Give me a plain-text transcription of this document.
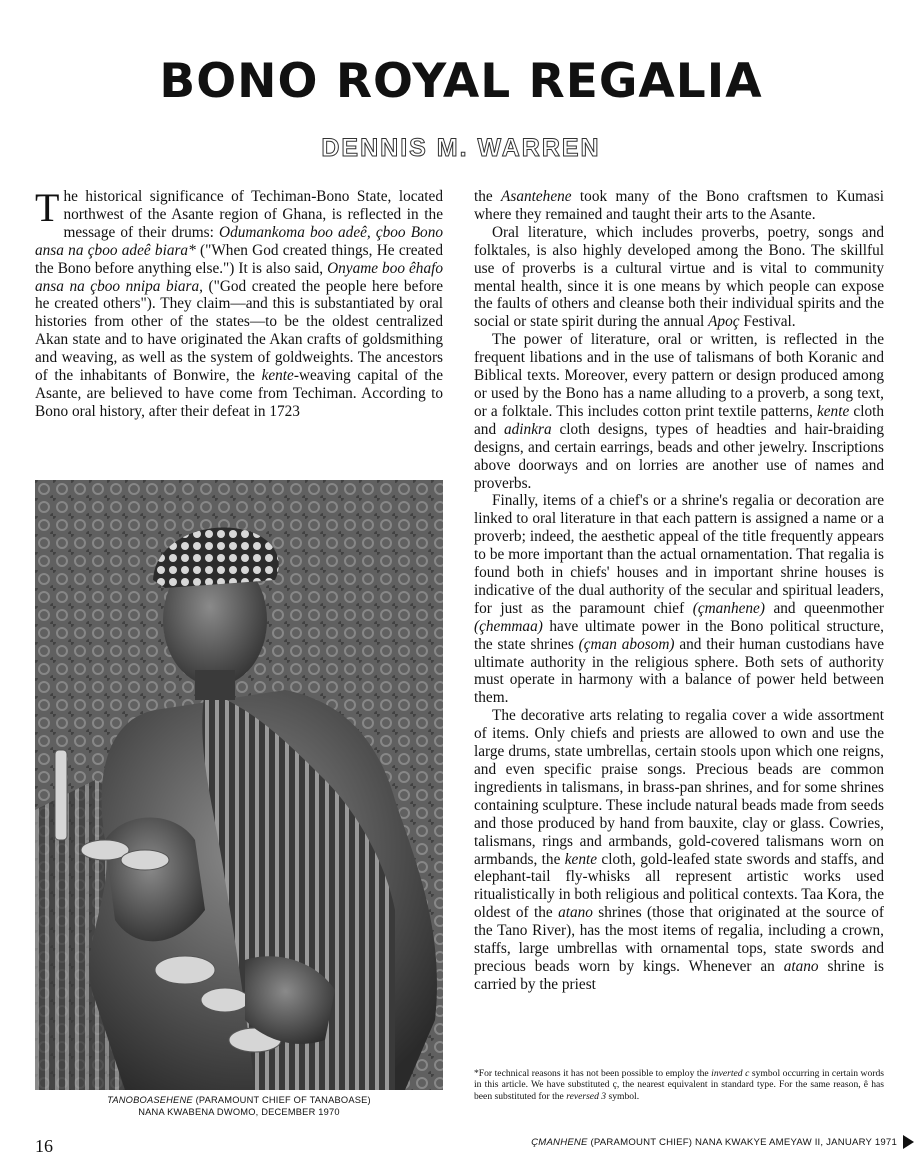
BONO ROYAL REGALIA
DENNIS M. WARREN

The historical significance of Techiman-Bono State, located northwest of the Asante region of Ghana, is reflected in the message of their drums: Odumankoma boo adeê, çboo Bono ansa na çboo adeê biara* ("When God created things, He created the Bono before anything else.") It is also said, Onyame boo êhafo ansa na çboo nnipa biara, ("God created the people here before he created others"). They claim—and this is substantiated by oral histories from other of the states—to be the oldest centralized Akan state and to have originated the Akan crafts of goldsmithing and weaving, as well as the system of goldweights. The ancestors of the inhabitants of Bonwire, the kente-weaving capital of the Asante, are believed to have come from Techiman. According to Bono oral history, after their defeat in 1723

TANOBOASEHENE (PARAMOUNT CHIEF OF TANABOASE)
NANA KWABENA DWOMO, DECEMBER 1970

the Asantehene took many of the Bono craftsmen to Kumasi where they remained and taught their arts to the Asante.

Oral literature, which includes proverbs, poetry, songs and folktales, is also highly developed among the Bono. The skillful use of proverbs is a cultural virtue and is vital to community mental health, since it is one means by which people can expose the faults of others and cleanse both their individual spirits and the social or state spirit during the annual Apoç Festival.

The power of literature, oral or written, is reflected in the frequent libations and in the use of talismans of both Koranic and Biblical texts. Moreover, every pattern or design produced among or used by the Bono has a name alluding to a proverb, a song text, or a folktale. This includes cotton print textile patterns, kente cloth and adinkra cloth designs, types of headties and hair-braiding designs, and certain earrings, beads and other jewelry. Inscriptions above doorways and on lorries are another use of names and proverbs.

Finally, items of a chief's or a shrine's regalia or decoration are linked to oral literature in that each pattern is assigned a name or a proverb; indeed, the aesthetic appeal of the title frequently appears to be more important than the actual ornamentation. That regalia is found both in chiefs' houses and in important shrine houses is indicative of the dual authority of the secular and spiritual leaders, for just as the paramount chief (çmanhene) and queenmother (çhemmaa) have ultimate power in the Bono political structure, the state shrines (çman abosom) and their human custodians have ultimate authority in the religious sphere. Both sets of authority must operate in harmony with a balance of power held between them.

The decorative arts relating to regalia cover a wide assortment of items. Only chiefs and priests are allowed to own and use the large drums, state umbrellas, certain stools upon which one reigns, and even specific praise songs. Precious beads are common ingredients in talismans, in brass-pan shrines, and for some shrines containing sculpture. These include natural beads made from seeds and those produced by hand from bauxite, clay or glass. Cowries, talismans, rings and armbands, gold-covered talismans worn on armbands, the kente cloth, gold-leafed state swords and staffs, and elephant-tail fly-whisks all represent artistic works used ritualistically in both religious and political contexts. Taa Kora, the oldest of the atano shrines (those that originated at the source of the Tano River), has the most items of regalia, including a crown, staffs, large umbrellas with ornamental tops, state swords and precious beads worn by kings. Whenever an atano shrine is carried by the priest

*For technical reasons it has not been possible to employ the inverted c symbol occurring in certain words in this article. We have substituted ç, the nearest equivalent in standard type. For the same reason, ê has been substituted for the reversed 3 symbol.
16	ÇMANHENE (PARAMOUNT CHIEF) NANA KWAKYE AMEYAW II, JANUARY 1971
